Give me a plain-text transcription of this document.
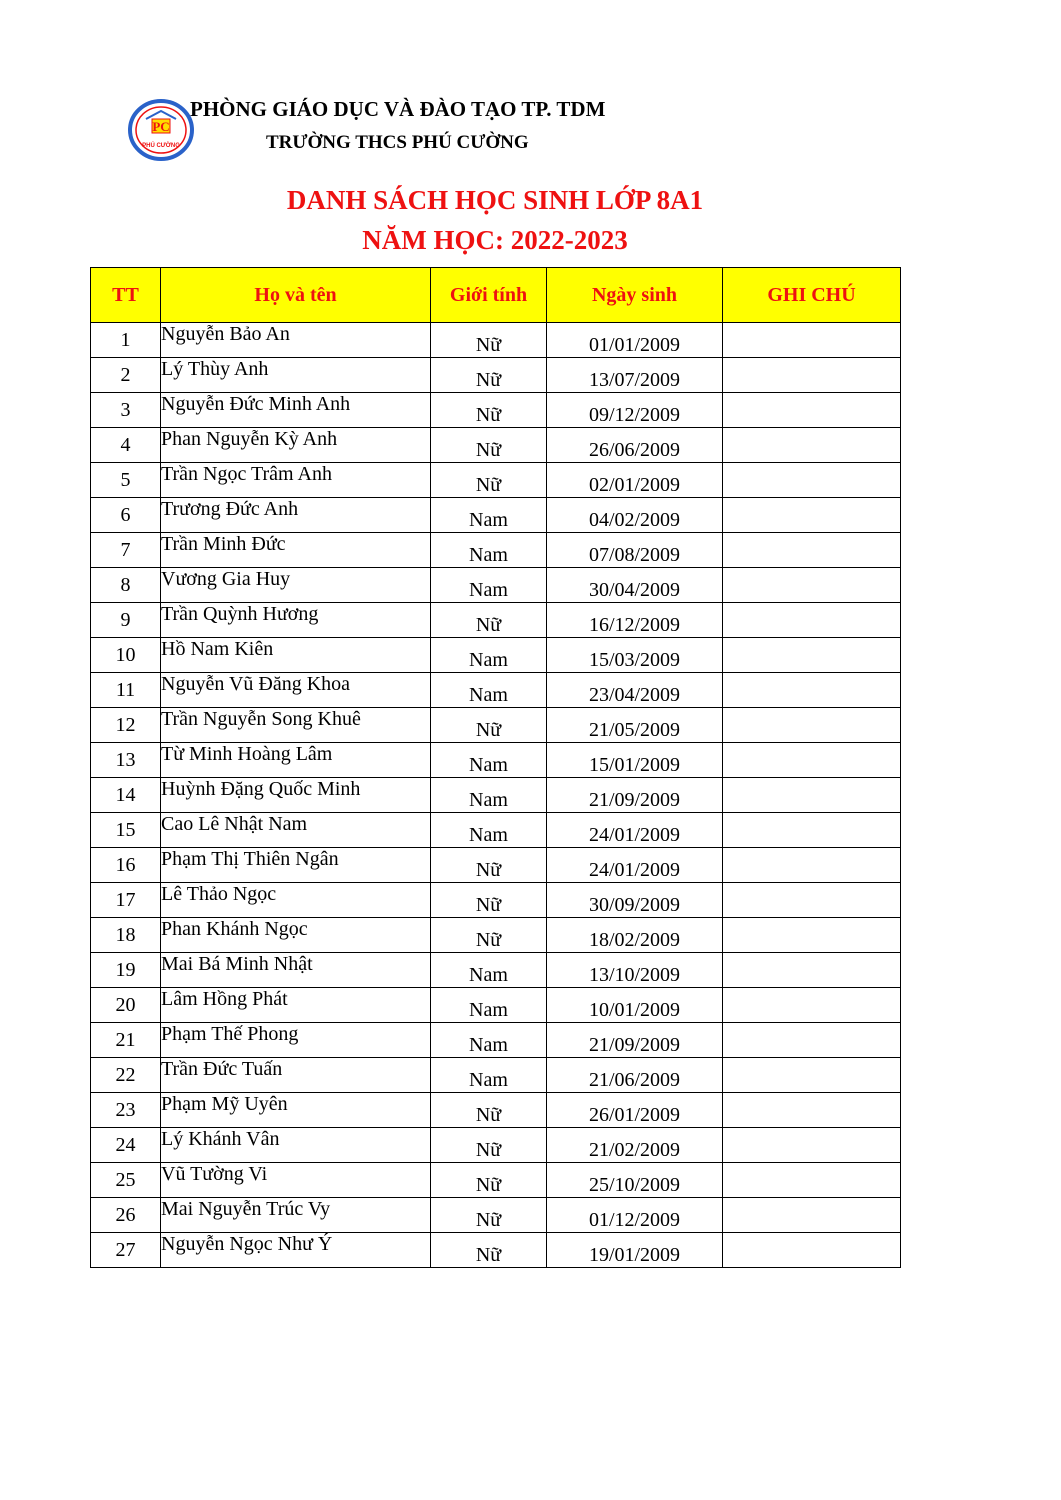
PC
PHÚ CƯỜNG
PHÒNG GIÁO DỤC VÀ ĐÀO TẠO TP. TDM
TRƯỜNG THCS PHÚ CƯỜNG
DANH SÁCH HỌC SINH LỚP 8A1
NĂM HỌC: 2022-2023
TT	Họ và tên	Giới tính	Ngày sinh	GHI CHÚ
1	Nguyễn Bảo An	Nữ	01/01/2009	
2	Lý Thùy Anh	Nữ	13/07/2009	
3	Nguyễn Đức Minh Anh	Nữ	09/12/2009	
4	Phan Nguyễn Kỳ Anh	Nữ	26/06/2009	
5	Trần Ngọc Trâm Anh	Nữ	02/01/2009	
6	Trương Đức Anh	Nam	04/02/2009	
7	Trần Minh Đức	Nam	07/08/2009	
8	Vương Gia Huy	Nam	30/04/2009	
9	Trần Quỳnh Hương	Nữ	16/12/2009	
10	Hồ Nam Kiên	Nam	15/03/2009	
11	Nguyễn Vũ Đăng Khoa	Nam	23/04/2009	
12	Trần Nguyễn Song Khuê	Nữ	21/05/2009	
13	Từ Minh Hoàng Lâm	Nam	15/01/2009	
14	Huỳnh Đặng Quốc Minh	Nam	21/09/2009	
15	Cao Lê Nhật Nam	Nam	24/01/2009	
16	Phạm Thị Thiên Ngân	Nữ	24/01/2009	
17	Lê Thảo Ngọc	Nữ	30/09/2009	
18	Phan Khánh Ngọc	Nữ	18/02/2009	
19	Mai Bá Minh Nhật	Nam	13/10/2009	
20	Lâm Hồng Phát	Nam	10/01/2009	
21	Phạm Thế Phong	Nam	21/09/2009	
22	Trần Đức Tuấn	Nam	21/06/2009	
23	Phạm Mỹ Uyên	Nữ	26/01/2009	
24	Lý Khánh Vân	Nữ	21/02/2009	
25	Vũ Tường Vi	Nữ	25/10/2009	
26	Mai Nguyễn Trúc Vy	Nữ	01/12/2009	
27	Nguyễn Ngọc Như Ý	Nữ	19/01/2009	
